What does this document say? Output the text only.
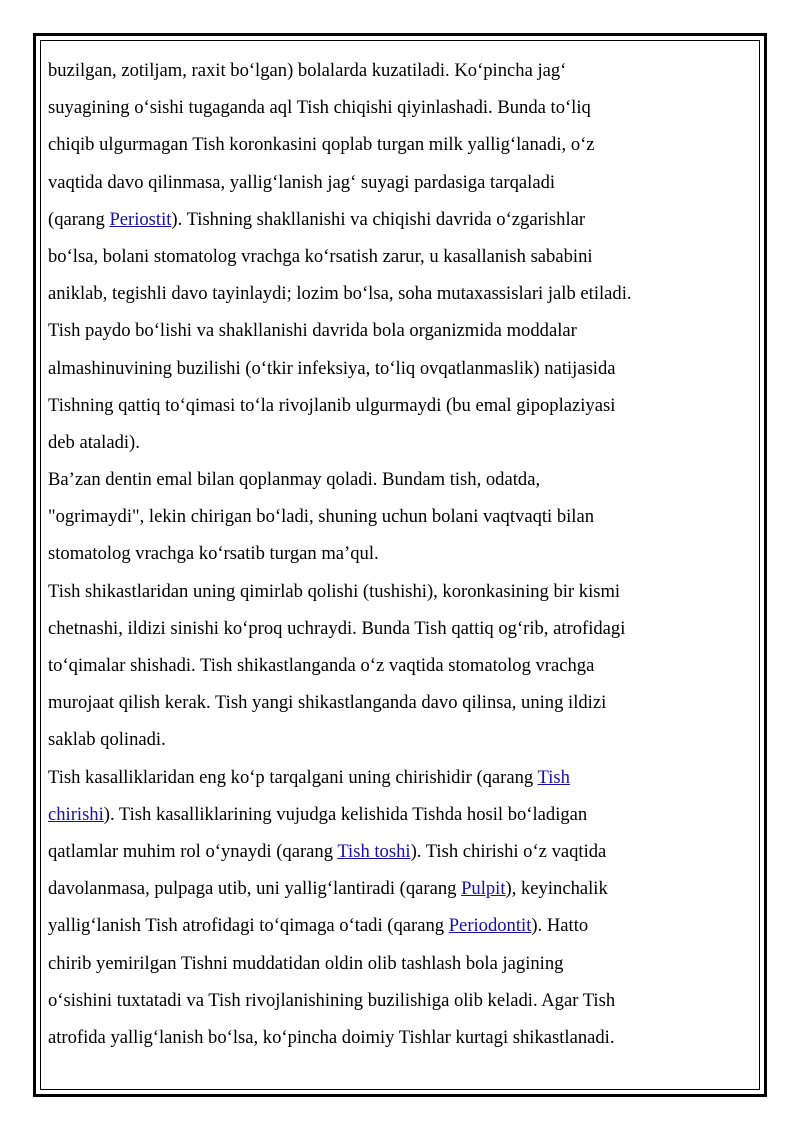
buzilgan, zotiljam, raxit bo‘lgan) bolalarda kuzatiladi. Ko‘pincha jag‘
suyagining o‘sishi tugaganda aql Tish chiqishi qiyinlashadi. Bunda to‘liq
chiqib ulgurmagan Tish koronkasini qoplab turgan milk yallig‘lanadi, o‘z
vaqtida davo qilinmasa, yallig‘lanish jag‘ suyagi pardasiga tarqaladi
(qarang Periostit). Tishning shakllanishi va chiqishi davrida o‘zgarishlar
bo‘lsa, bolani stomatolog vrachga ko‘rsatish zarur, u kasallanish sababini
aniklab, tegishli davo tayinlaydi; lozim bo‘lsa, soha mutaxassislari jalb etiladi.
Tish paydo bo‘lishi va shakllanishi davrida bola organizmida moddalar
almashinuvining buzilishi (o‘tkir infeksiya, to‘liq ovqatlanmaslik) natijasida
Tishning qattiq to‘qimasi to‘la rivojlanib ulgurmaydi (bu emal gipoplaziyasi
deb ataladi).
Ba’zan dentin emal bilan qoplanmay qoladi. Bundam tish, odatda,
"ogrimaydi", lekin chirigan bo‘ladi, shuning uchun bolani vaqtvaqti bilan
stomatolog vrachga ko‘rsatib turgan ma’qul.
Tish shikastlaridan uning qimirlab qolishi (tushishi), koronkasining bir kismi
chetnashi, ildizi sinishi ko‘proq uchraydi. Bunda Tish qattiq og‘rib, atrofidagi
to‘qimalar shishadi. Tish shikastlanganda o‘z vaqtida stomatolog vrachga
murojaat qilish kerak. Tish yangi shikastlanganda davo qilinsa, uning ildizi
saklab qolinadi.
Tish kasalliklaridan eng ko‘p tarqalgani uning chirishidir (qarang Tish
chirishi). Tish kasalliklarining vujudga kelishida Tishda hosil bo‘ladigan
qatlamlar muhim rol o‘ynaydi (qarang Tish toshi). Tish chirishi o‘z vaqtida
davolanmasa, pulpaga utib, uni yallig‘lantiradi (qarang Pulpit), keyinchalik
yallig‘lanish Tish atrofidagi to‘qimaga o‘tadi (qarang Periodontit). Hatto
chirib yemirilgan Tishni muddatidan oldin olib tashlash bola jagining
o‘sishini tuxtatadi va Tish rivojlanishining buzilishiga olib keladi. Agar Tish
atrofida yallig‘lanish bo‘lsa, ko‘pincha doimiy Tishlar kurtagi shikastlanadi.
